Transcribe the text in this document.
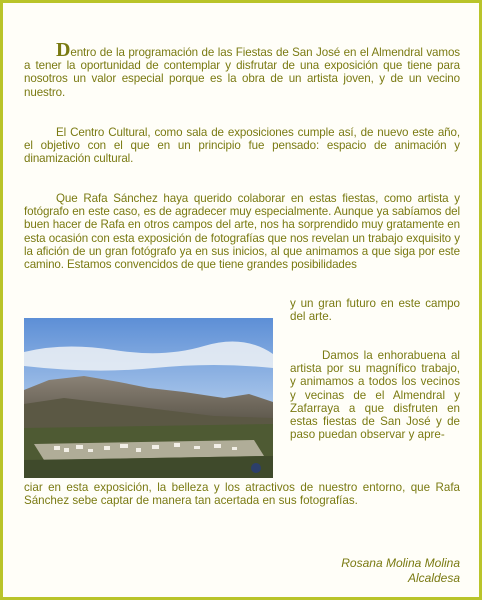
Dentro de la programación de las Fiestas de San José en el Almendral vamos a tener la oportunidad de contemplar y disfrutar de una exposición que tiene para nosotros un valor especial porque es la obra de un artista joven, y de un vecino nuestro.

El Centro Cultural, como sala de exposiciones cumple así, de nuevo este año, el objetivo con el que en un principio fue pensado: espacio de animación y dinamización cultural.

Que Rafa Sánchez haya querido colaborar en estas fiestas, como artista y fotógrafo en este caso, es de agradecer muy especialmente. Aunque ya sabíamos del buen hacer de Rafa en otros campos del arte, nos ha sorprendido muy gratamente en esta ocasión con esta exposición de fotografías que nos revelan un trabajo exquisito y la afición de un gran fotógrafo ya en sus inicios, al que animamos a que siga por este camino. Estamos convencidos de que tiene grandes posibilidades

y un gran futuro en este campo del arte.
Damos la enhorabuena al artista por su magnífico trabajo, y animamos a todos los vecinos y vecinas de el Almendral y Zafarraya a que disfruten en estas fiestas de San José y de paso puedan observar y apre-
ciar en esta exposición, la belleza y los atractivos de nuestro entorno, que Rafa Sánchez sebe captar de manera tan acertada en sus fotografías.
Rosana Molina Molina
Alcaldesa
